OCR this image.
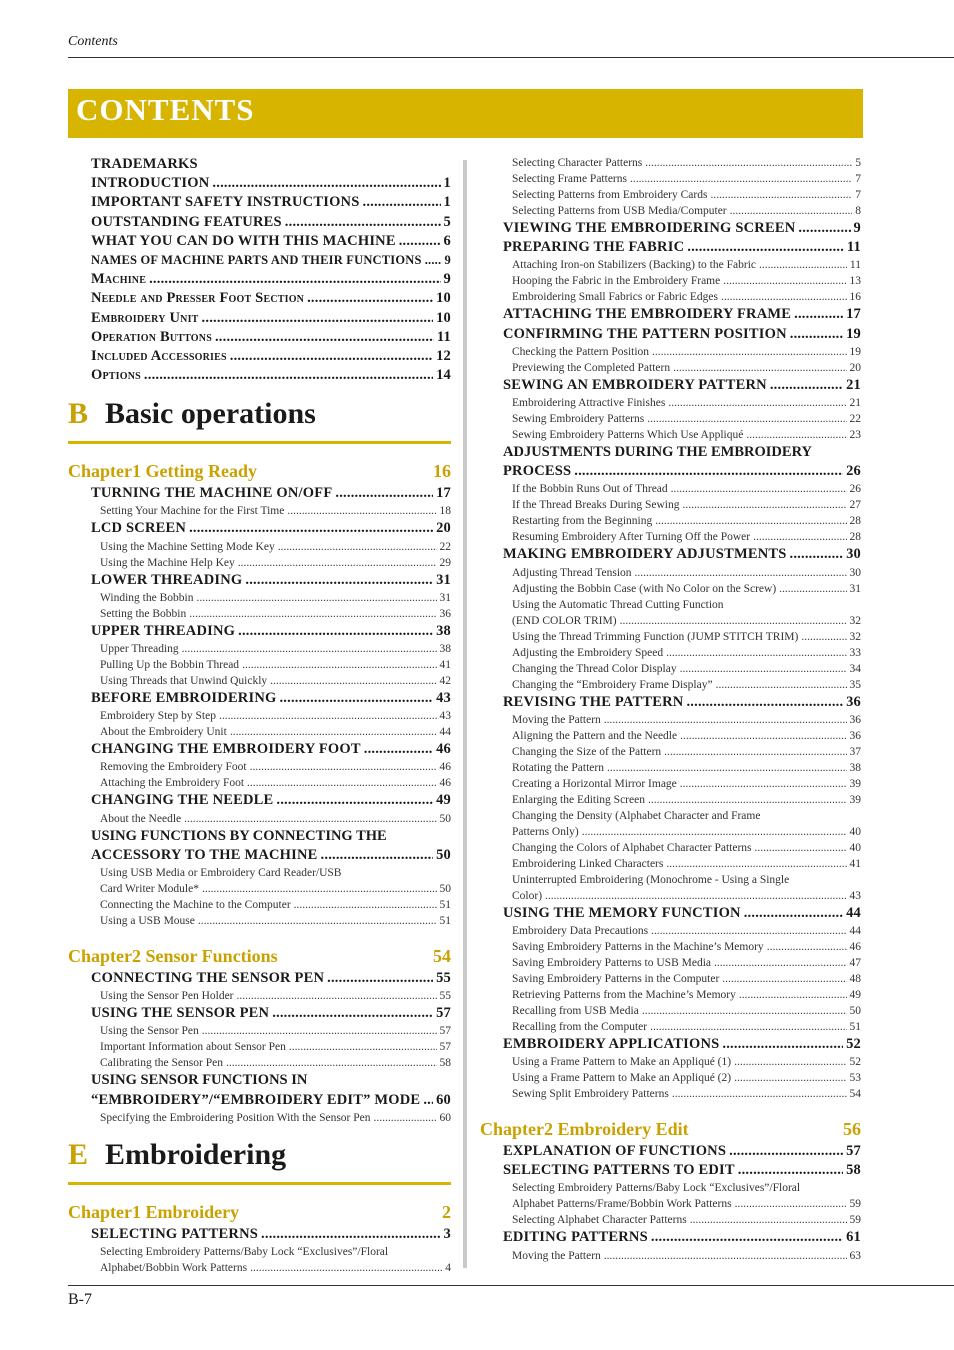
Contents
CONTENTS
TRADEMARKS
INTRODUCTION .....	1
IMPORTANT SAFETY INSTRUCTIONS .....	1
OUTSTANDING FEATURES .....	5
WHAT YOU CAN DO WITH THIS MACHINE .....	6
NAMES OF MACHINE PARTS AND THEIR FUNCTIONS ..... 9
Machine .....	9
Needle and Presser Foot Section .....	10
Embroidery Unit .....	10
Operation Buttons .....	11
Included Accessories .....	12
Options .....	14
B Basic operations
Chapter1 Getting Ready	16
TURNING THE MACHINE ON/OFF .....	17
Setting Your Machine for the First Time .....	18
LCD SCREEN .....	20
Using the Machine Setting Mode Key .....	22
Using the Machine Help Key .....	29
LOWER THREADING .....	31
Winding the Bobbin .....	31
Setting the Bobbin .....	36
UPPER THREADING .....	38
Upper Threading .....	38
Pulling Up the Bobbin Thread .....	41
Using Threads that Unwind Quickly .....	42
BEFORE EMBROIDERING .....	43
Embroidery Step by Step .....	43
About the Embroidery Unit .....	44
CHANGING THE EMBROIDERY FOOT .....	46
Removing the Embroidery Foot .....	46
Attaching the Embroidery Foot .....	46
CHANGING THE NEEDLE .....	49
About the Needle .....	50
USING FUNCTIONS BY CONNECTING THE
ACCESSORY TO THE MACHINE .....	50
Using USB Media or Embroidery Card Reader/USB
Card Writer Module* .....	50
Connecting the Machine to the Computer .....	51
Using a USB Mouse .....	51
Chapter2 Sensor Functions	54
CONNECTING THE SENSOR PEN .....	55
Using the Sensor Pen Holder .....	55
USING THE SENSOR PEN .....	57
Using the Sensor Pen .....	57
Important Information about Sensor Pen .....	57
Calibrating the Sensor Pen .....	58
USING SENSOR FUNCTIONS IN
“EMBROIDERY”/“EMBROIDERY EDIT” MODE ..... 60
Specifying the Embroidering Position With the Sensor Pen .....	60
E Embroidering
Chapter1 Embroidery	2
SELECTING PATTERNS .....	3
Selecting Embroidery Patterns/Baby Lock “Exclusives”/Floral
Alphabet/Bobbin Work Patterns .....	4
Selecting Character Patterns .....	5
Selecting Frame Patterns .....	7
Selecting Patterns from Embroidery Cards .....	7
Selecting Patterns from USB Media/Computer .....	8
VIEWING THE EMBROIDERING SCREEN .....	9
PREPARING THE FABRIC .....	11
Attaching Iron-on Stabilizers (Backing) to the Fabric .....	11
Hooping the Fabric in the Embroidery Frame .....	13
Embroidering Small Fabrics or Fabric Edges .....	16
ATTACHING THE EMBROIDERY FRAME .....	17
CONFIRMING THE PATTERN POSITION .....	19
Checking the Pattern Position .....	19
Previewing the Completed Pattern .....	20
SEWING AN EMBROIDERY PATTERN .....	21
Embroidering Attractive Finishes .....	21
Sewing Embroidery Patterns .....	22
Sewing Embroidery Patterns Which Use Appliqué .....	23
ADJUSTMENTS DURING THE EMBROIDERY
PROCESS .....	26
If the Bobbin Runs Out of Thread .....	26
If the Thread Breaks During Sewing .....	27
Restarting from the Beginning .....	28
Resuming Embroidery After Turning Off the Power .....	28
MAKING EMBROIDERY ADJUSTMENTS .....	30
Adjusting Thread Tension .....	30
Adjusting the Bobbin Case (with No Color on the Screw) .....	31
Using the Automatic Thread Cutting Function
(END COLOR TRIM) .....	32
Using the Thread Trimming Function (JUMP STITCH TRIM) .....	32
Adjusting the Embroidery Speed .....	33
Changing the Thread Color Display .....	34
Changing the “Embroidery Frame Display” .....	35
REVISING THE PATTERN .....	36
Moving the Pattern .....	36
Aligning the Pattern and the Needle .....	36
Changing the Size of the Pattern .....	37
Rotating the Pattern .....	38
Creating a Horizontal Mirror Image .....	39
Enlarging the Editing Screen .....	39
Changing the Density (Alphabet Character and Frame
Patterns Only) .....	40
Changing the Colors of Alphabet Character Patterns .....	40
Embroidering Linked Characters .....	41
Uninterrupted Embroidering (Monochrome - Using a Single
Color) .....	43
USING THE MEMORY FUNCTION .....	44
Embroidery Data Precautions .....	44
Saving Embroidery Patterns in the Machine’s Memory .....	46
Saving Embroidery Patterns to USB Media .....	47
Saving Embroidery Patterns in the Computer .....	48
Retrieving Patterns from the Machine’s Memory .....	49
Recalling from USB Media .....	50
Recalling from the Computer .....	51
EMBROIDERY APPLICATIONS .....	52
Using a Frame Pattern to Make an Appliqué (1) .....	52
Using a Frame Pattern to Make an Appliqué (2) .....	53
Sewing Split Embroidery Patterns .....	54
Chapter2 Embroidery Edit	56
EXPLANATION OF FUNCTIONS .....	57
SELECTING PATTERNS TO EDIT .....	58
Selecting Embroidery Patterns/Baby Lock “Exclusives”/Floral
Alphabet Patterns/Frame/Bobbin Work Patterns .....	59
Selecting Alphabet Character Patterns .....	59
EDITING PATTERNS .....	61
Moving the Pattern .....	63
B-7
